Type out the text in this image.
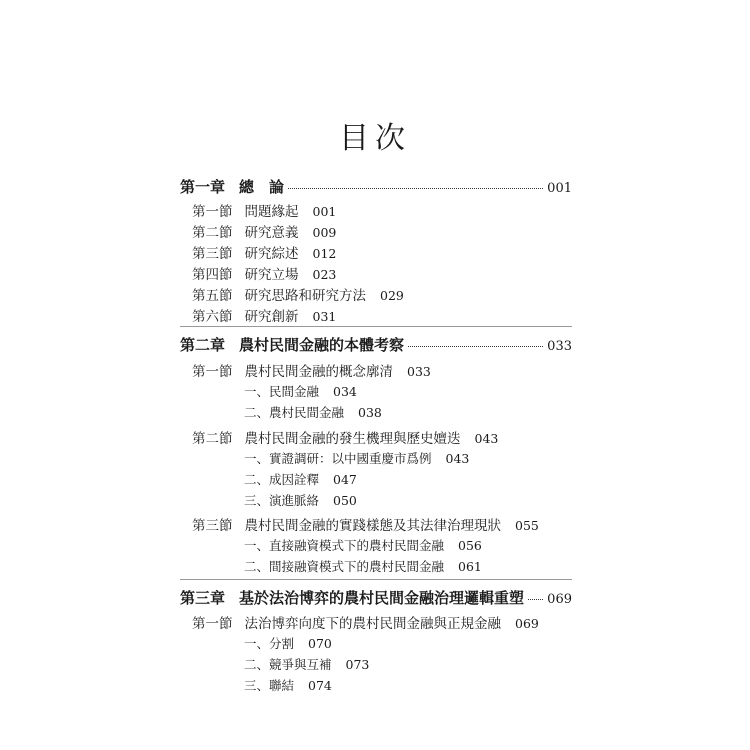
目次
第一章 總　論	001
第一節 問題緣起 001
第二節 研究意義 009
第三節 研究綜述 012
第四節 研究立場 023
第五節 研究思路和研究方法 029
第六節 研究創新 031
第二章 農村民間金融的本體考察	033
第一節 農村民間金融的概念廓清 033
一、民間金融 034
二、農村民間金融 038
第二節 農村民間金融的發生機理與歷史嬗迭 043
一、實證調研：以中國重慶市爲例 043
二、成因詮釋 047
三、演進脈絡 050
第三節 農村民間金融的實踐樣態及其法律治理現狀 055
一、直接融資模式下的農村民間金融 056
二、間接融資模式下的農村民間金融 061
第三章 基於法治博弈的農村民間金融治理邏輯重塑 069
第一節 法治博弈向度下的農村民間金融與正規金融 069
一、分割 070
二、競爭與互補 073
三、聯結 074
